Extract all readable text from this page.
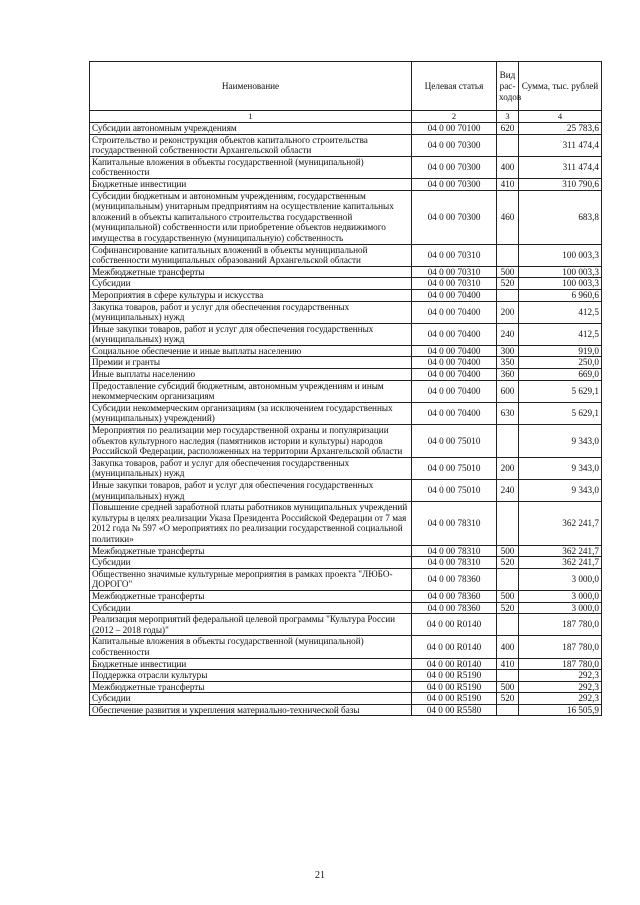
Наименование	Целевая статья	Вид рас-ходов	Сумма, тыс. рублей
1	2	3	4
Субсидии автономным учреждениям	04 0 00 70100	620	25 783,6
Строительство и реконструкция объектов капитального строительства государственной собственности Архангельской области	04 0 00 70300		311 474,4
Капитальные вложения в объекты государственной (муниципальной) собственности	04 0 00 70300	400	311 474,4
Бюджетные инвестиции	04 0 00 70300	410	310 790,6
Субсидии бюджетным и автономным учреждениям, государственным (муниципальным) унитарным предприятиям на осуществление капитальных вложений в объекты капитального строительства государственной (муниципальной) собственности или приобретение объектов недвижимого имущества в государственную (муниципальную) собственность	04 0 00 70300	460	683,8
Софинансирование капитальных вложений в объекты муниципальной собственности муниципальных образований Архангельской области	04 0 00 70310		100 003,3
Межбюджетные трансферты	04 0 00 70310	500	100 003,3
Субсидии	04 0 00 70310	520	100 003,3
Мероприятия в сфере культуры и искусства	04 0 00 70400		6 960,6
Закупка товаров, работ и услуг для обеспечения государственных (муниципальных) нужд	04 0 00 70400	200	412,5
Иные закупки товаров, работ и услуг для обеспечения государственных (муниципальных) нужд	04 0 00 70400	240	412,5
Социальное обеспечение и иные выплаты населению	04 0 00 70400	300	919,0
Премии и гранты	04 0 00 70400	350	250,0
Иные выплаты населению	04 0 00 70400	360	669,0
Предоставление субсидий бюджетным, автономным учреждениям и иным некоммерческим организациям	04 0 00 70400	600	5 629,1
Субсидии некоммерческим организациям (за исключением государственных (муниципальных) учреждений)	04 0 00 70400	630	5 629,1
Мероприятия по реализации мер государственной охраны и популяризации объектов культурного наследия (памятников истории и культуры) народов Российской Федерации, расположенных на территории Архангельской области	04 0 00 75010		9 343,0
Закупка товаров, работ и услуг для обеспечения государственных (муниципальных) нужд	04 0 00 75010	200	9 343,0
Иные закупки товаров, работ и услуг для обеспечения государственных (муниципальных) нужд	04 0 00 75010	240	9 343,0
Повышение средней заработной платы работников муниципальных учреждений культуры в целях реализации Указа Президента Российской Федерации от 7 мая 2012 года № 597 «О мероприятиях по реализации государственной социальной политики»	04 0 00 78310		362 241,7
Межбюджетные трансферты	04 0 00 78310	500	362 241,7
Субсидии	04 0 00 78310	520	362 241,7
Общественно значимые культурные мероприятия в рамках проекта "ЛЮБО-ДОРОГО"	04 0 00 78360		3 000,0
Межбюджетные трансферты	04 0 00 78360	500	3 000,0
Субсидии	04 0 00 78360	520	3 000,0
Реализация мероприятий федеральной целевой программы "Культура России (2012 – 2018 годы)"	04 0 00 R0140		187 780,0
Капитальные вложения в объекты государственной (муниципальной) собственности	04 0 00 R0140	400	187 780,0
Бюджетные инвестиции	04 0 00 R0140	410	187 780,0
Поддержка отрасли культуры	04 0 00 R5190		292,3
Межбюджетные трансферты	04 0 00 R5190	500	292,3
Субсидии	04 0 00 R5190	520	292,3
Обеспечение развития и укрепления материально-технической базы	04 0 00 R5580		16 505,9
21
